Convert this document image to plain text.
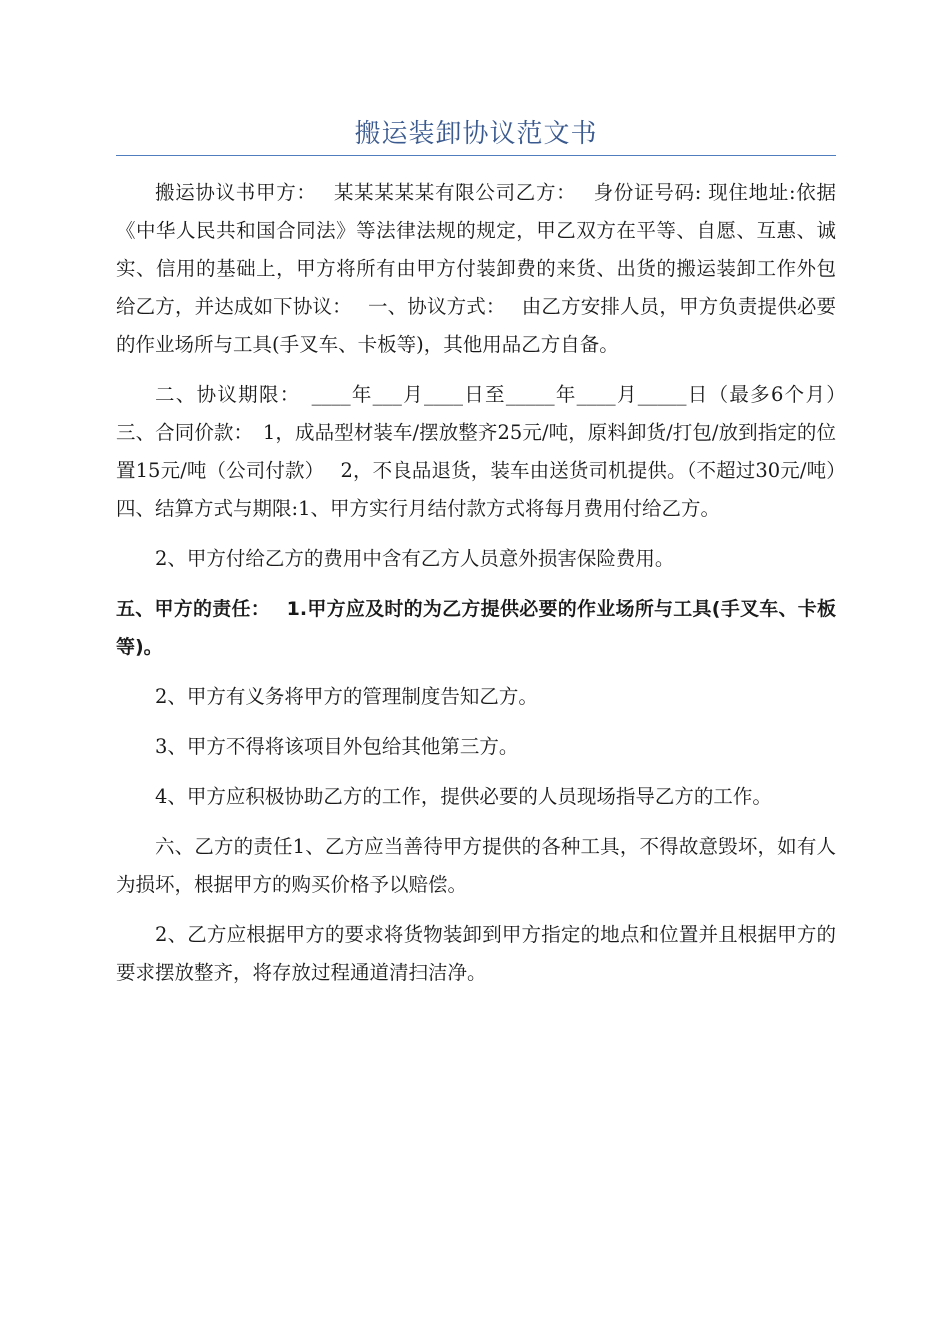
搬运装卸协议范文书

搬运协议书甲方：　 某某某某某有限公司乙方：　 身份证号码: 现住地址:依据《中华人民共和国合同法》等法律法规的规定，甲乙双方在平等、自愿、互惠、诚实、信用的基础上，甲方将所有由甲方付装卸费的来货、出货的搬运装卸工作外包给乙方，并达成如下协议：　 一、协议方式：　 由乙方安排人员，甲方负责提供必要的作业场所与工具(手叉车、卡板等)，其他用品乙方自备。

二、协议期限：　____年___月____日至_____年____月_____日（最多6个月）　 三、合同价款：　1，成品型材装车/摆放整齐25元/吨，原料卸货/打包/放到指定的位置15元/吨（公司付款）　 2，不良品退货，装车由送货司机提供。（不超过30元/吨）　 四、结算方式与期限:1、甲方实行月结付款方式将每月费用付给乙方。

2、甲方付给乙方的费用中含有乙方人员意外损害保险费用。

五、甲方的责任：　 1.甲方应及时的为乙方提供必要的作业场所与工具(手叉车、卡板等)。

2、甲方有义务将甲方的管理制度告知乙方。

3、甲方不得将该项目外包给其他第三方。

4、甲方应积极协助乙方的工作，提供必要的人员现场指导乙方的工作。

六、乙方的责任1、乙方应当善待甲方提供的各种工具，不得故意毁坏，如有人为损坏，根据甲方的购买价格予以赔偿。

2、乙方应根据甲方的要求将货物装卸到甲方指定的地点和位置并且根据甲方的要求摆放整齐，将存放过程通道清扫洁净。
